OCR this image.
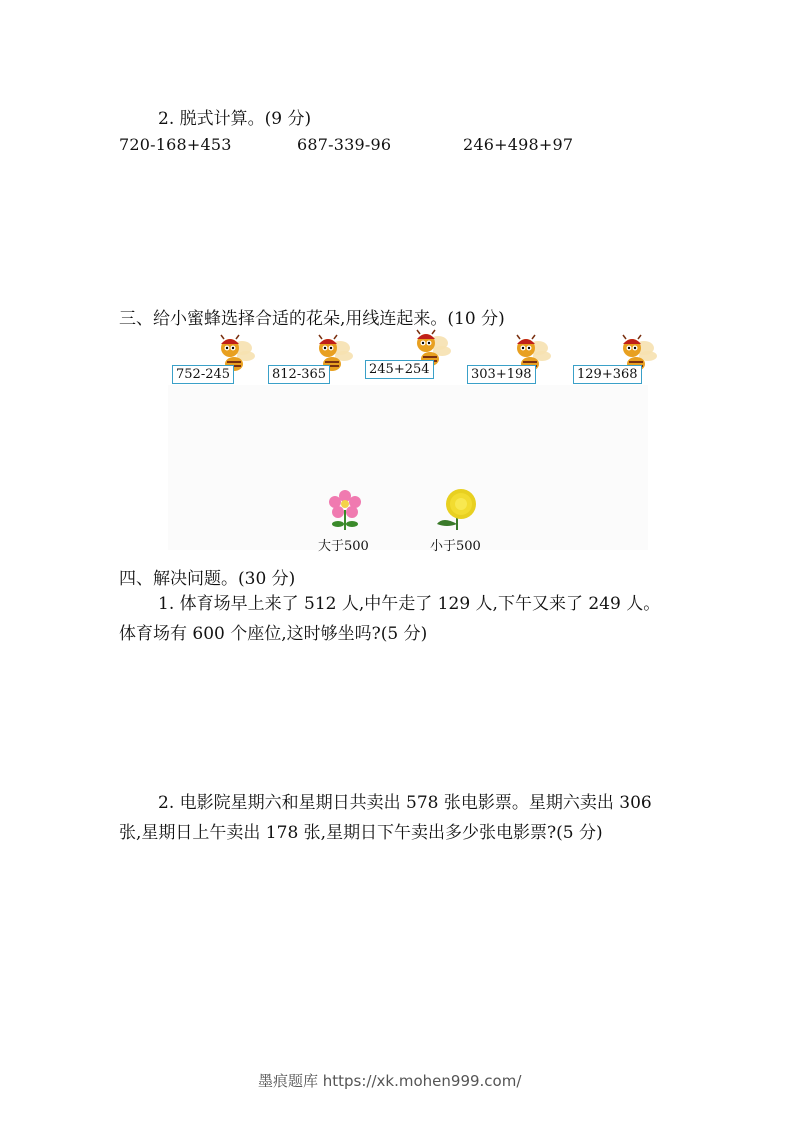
2. 脱式计算。(9 分)
720-168+453	687-339-96	246+498+97
三、给小蜜蜂选择合适的花朵,用线连起来。(10 分)
752-245	812-365	245+254	303+198	129+368
大于500	小于500
四、解决问题。(30 分)
1. 体育场早上来了 512 人,中午走了 129 人,下午又来了 249 人。
体育场有 600 个座位,这时够坐吗?(5 分)
2. 电影院星期六和星期日共卖出 578 张电影票。星期六卖出 306
张,星期日上午卖出 178 张,星期日下午卖出多少张电影票?(5 分)
墨痕题库 https://xk.mohen999.com/
